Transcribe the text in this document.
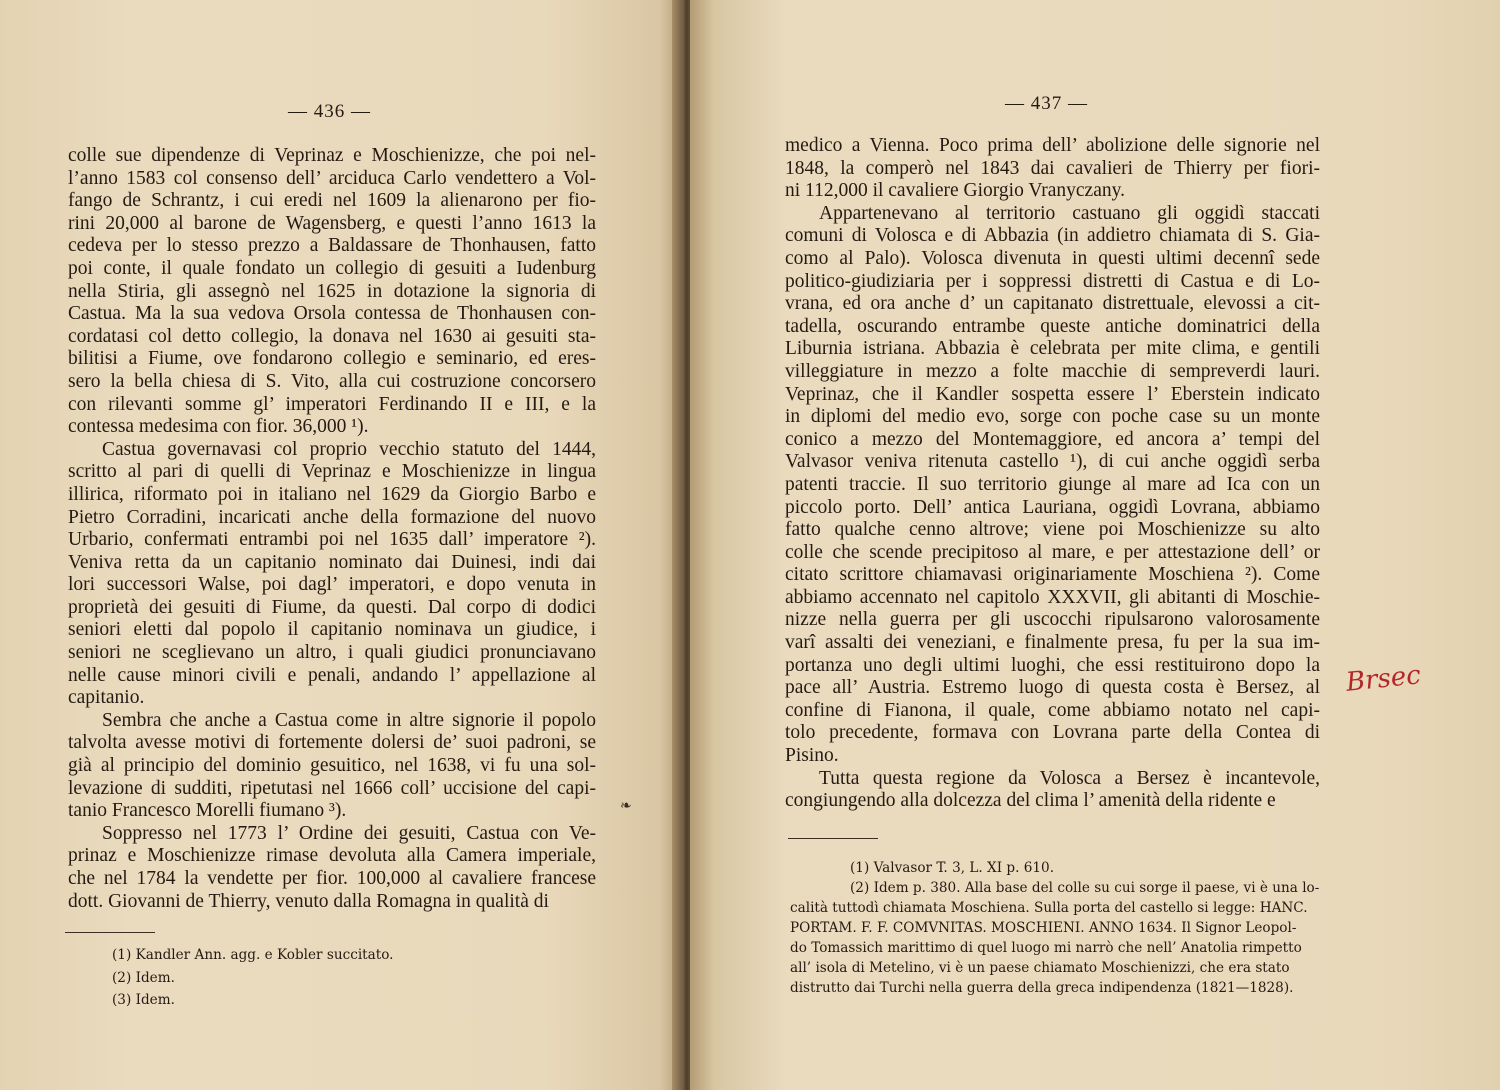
— 436 —
colle sue dipendenze di Veprinaz e Moschienizze, che poi nel-
l’anno 1583 col consenso dell’ arciduca Carlo vendettero a Vol-
fango de Schrantz, i cui eredi nel 1609 la alienarono per fio-
rini 20,000 al barone de Wagensberg, e questi l’anno 1613 la
cedeva per lo stesso prezzo a Baldassare de Thonhausen, fatto
poi conte, il quale fondato un collegio di gesuiti a Iudenburg
nella Stiria, gli assegnò nel 1625 in dotazione la signoria di
Castua. Ma la sua vedova Orsola contessa de Thonhausen con-
cordatasi col detto collegio, la donava nel 1630 ai gesuiti sta-
bilitisi a Fiume, ove fondarono collegio e seminario, ed eres-
sero la bella chiesa di S. Vito, alla cui costruzione concorsero
con rilevanti somme gl’ imperatori Ferdinando II e III, e la
contessa medesima con fior. 36,000 ¹).
Castua governavasi col proprio vecchio statuto del 1444,
scritto al pari di quelli di Veprinaz e Moschienizze in lingua
illirica, riformato poi in italiano nel 1629 da Giorgio Barbo e
Pietro Corradini, incaricati anche della formazione del nuovo
Urbario, confermati entrambi poi nel 1635 dall’ imperatore ²).
Veniva retta da un capitanio nominato dai Duinesi, indi dai
lori successori Walse, poi dagl’ imperatori, e dopo venuta in
proprietà dei gesuiti di Fiume, da questi. Dal corpo di dodici
seniori eletti dal popolo il capitanio nominava un giudice, i
seniori ne sceglievano un altro, i quali giudici pronunciavano
nelle cause minori civili e penali, andando l’ appellazione al
capitanio.
Sembra che anche a Castua come in altre signorie il popolo
talvolta avesse motivi di fortemente dolersi de’ suoi padroni, se
già al principio del dominio gesuitico, nel 1638, vi fu una sol-
levazione di sudditi, ripetutasi nel 1666 coll’ uccisione del capi-
tanio Francesco Morelli fiumano ³).
Soppresso nel 1773 l’ Ordine dei gesuiti, Castua con Ve-
prinaz e Moschienizze rimase devoluta alla Camera imperiale,
che nel 1784 la vendette per fior. 100,000 al cavaliere francese
dott. Giovanni de Thierry, venuto dalla Romagna in qualità di
(1) Kandler Ann. agg. e Kobler succitato.
(2) Idem.
(3) Idem.
— 437 —
medico a Vienna. Poco prima dell’ abolizione delle signorie nel
1848, la comperò nel 1843 dai cavalieri de Thierry per fiori-
ni 112,000 il cavaliere Giorgio Vranyczany.
Appartenevano al territorio castuano gli oggidì staccati
comuni di Volosca e di Abbazia (in addietro chiamata di S. Gia-
como al Palo). Volosca divenuta in questi ultimi decennî sede
politico-giudiziaria per i soppressi distretti di Castua e di Lo-
vrana, ed ora anche d’ un capitanato distrettuale, elevossi a cit-
tadella, oscurando entrambe queste antiche dominatrici della
Liburnia istriana. Abbazia è celebrata per mite clima, e gentili
villeggiature in mezzo a folte macchie di sempreverdi lauri.
Veprinaz, che il Kandler sospetta essere l’ Eberstein indicato
in diplomi del medio evo, sorge con poche case su un monte
conico a mezzo del Montemaggiore, ed ancora a’ tempi del
Valvasor veniva ritenuta castello ¹), di cui anche oggidì serba
patenti traccie. Il suo territorio giunge al mare ad Ica con un
piccolo porto. Dell’ antica Lauriana, oggidì Lovrana, abbiamo
fatto qualche cenno altrove; viene poi Moschienizze su alto
colle che scende precipitoso al mare, e per attestazione dell’ or
citato scrittore chiamavasi originariamente Moschiena ²). Come
abbiamo accennato nel capitolo XXXVII, gli abitanti di Moschie-
nizze nella guerra per gli uscocchi ripulsarono valorosamente
varî assalti dei veneziani, e finalmente presa, fu per la sua im-
portanza uno degli ultimi luoghi, che essi restituirono dopo la
pace all’ Austria. Estremo luogo di questa costa è Bersez, al
confine di Fianona, il quale, come abbiamo notato nel capi-
tolo precedente, formava con Lovrana parte della Contea di
Pisino.
Tutta questa regione da Volosca a Bersez è incantevole,
congiungendo alla dolcezza del clima l’ amenità della ridente e
(1) Valvasor T. 3, L. XI p. 610.
(2) Idem p. 380. Alla base del colle su cui sorge il paese, vi è una lo-
calità tuttodì chiamata Moschiena. Sulla porta del castello si legge: HANC.
PORTAM. F. F. COMVNITAS. MOSCHIENI. ANNO 1634. Il Signor Leopol-
do Tomassich marittimo di quel luogo mi narrò che nell’ Anatolia rimpetto
all’ isola di Metelino, vi è un paese chiamato Moschienizzi, che era stato
distrutto dai Turchi nella guerra della greca indipendenza (1821—1828).
Brsec
❧
